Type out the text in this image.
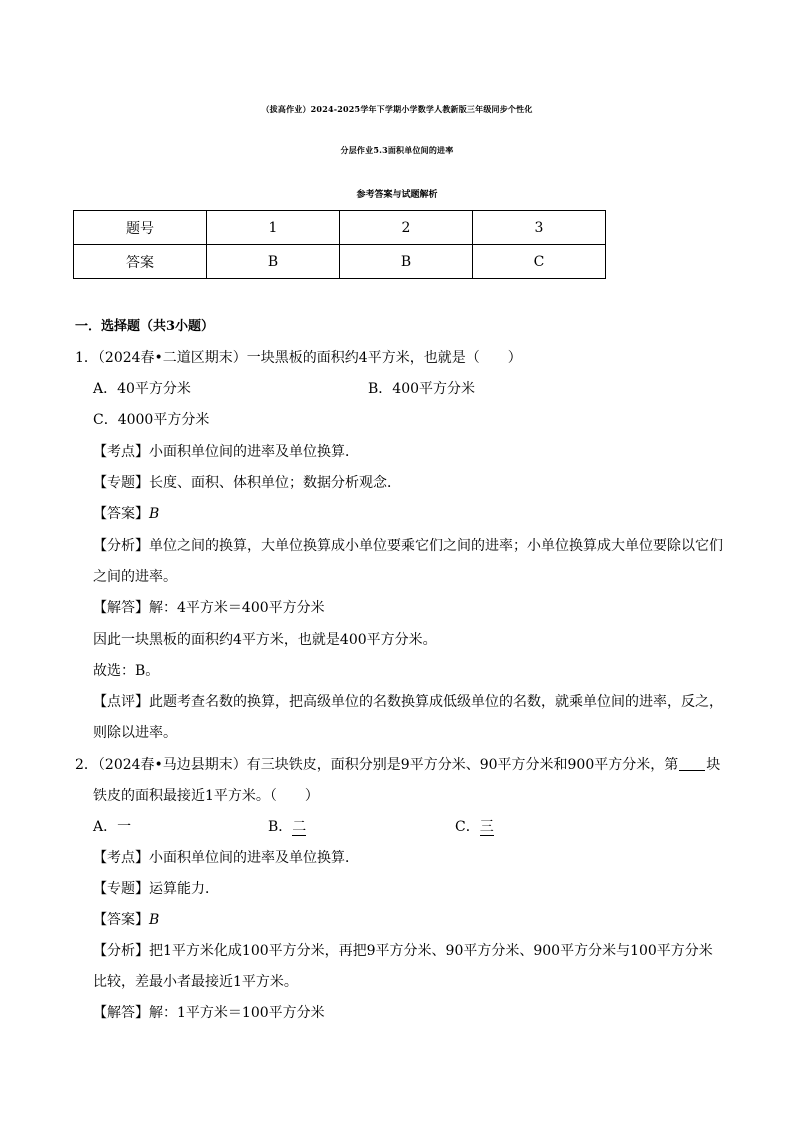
（拔高作业）2024-2025学年下学期小学数学人教新版三年级同步个性化
分层作业5.3面积单位间的进率
参考答案与试题解析
题号	1	2	3
答案	B	B	C
一．选择题（共3小题）
1．（2024春•二道区期末）一块黑板的面积约4平方米，也就是（　　）
A．40平方分米	B．400平方分米
C．4000平方分米
【考点】小面积单位间的进率及单位换算．
【专题】长度、面积、体积单位；数据分析观念．
【答案】B
【分析】单位之间的换算，大单位换算成小单位要乘它们之间的进率；小单位换算成大单位要除以它们
之间的进率。
【解答】解：4平方米＝400平方分米
因此一块黑板的面积约4平方米，也就是400平方分米。
故选：B。
【点评】此题考查名数的换算，把高级单位的名数换算成低级单位的名数，就乘单位间的进率，反之，
则除以进率。
2．（2024春•马边县期末）有三块铁皮，面积分别是9平方分米、90平方分米和900平方分米，第 块
铁皮的面积最接近1平方米。（　　）
A．一	B．二	C．三
【考点】小面积单位间的进率及单位换算．
【专题】运算能力．
【答案】B
【分析】把1平方米化成100平方分米，再把9平方分米、90平方分米、900平方分米与100平方分米
比较，差最小者最接近1平方米。
【解答】解：1平方米＝100平方分米
